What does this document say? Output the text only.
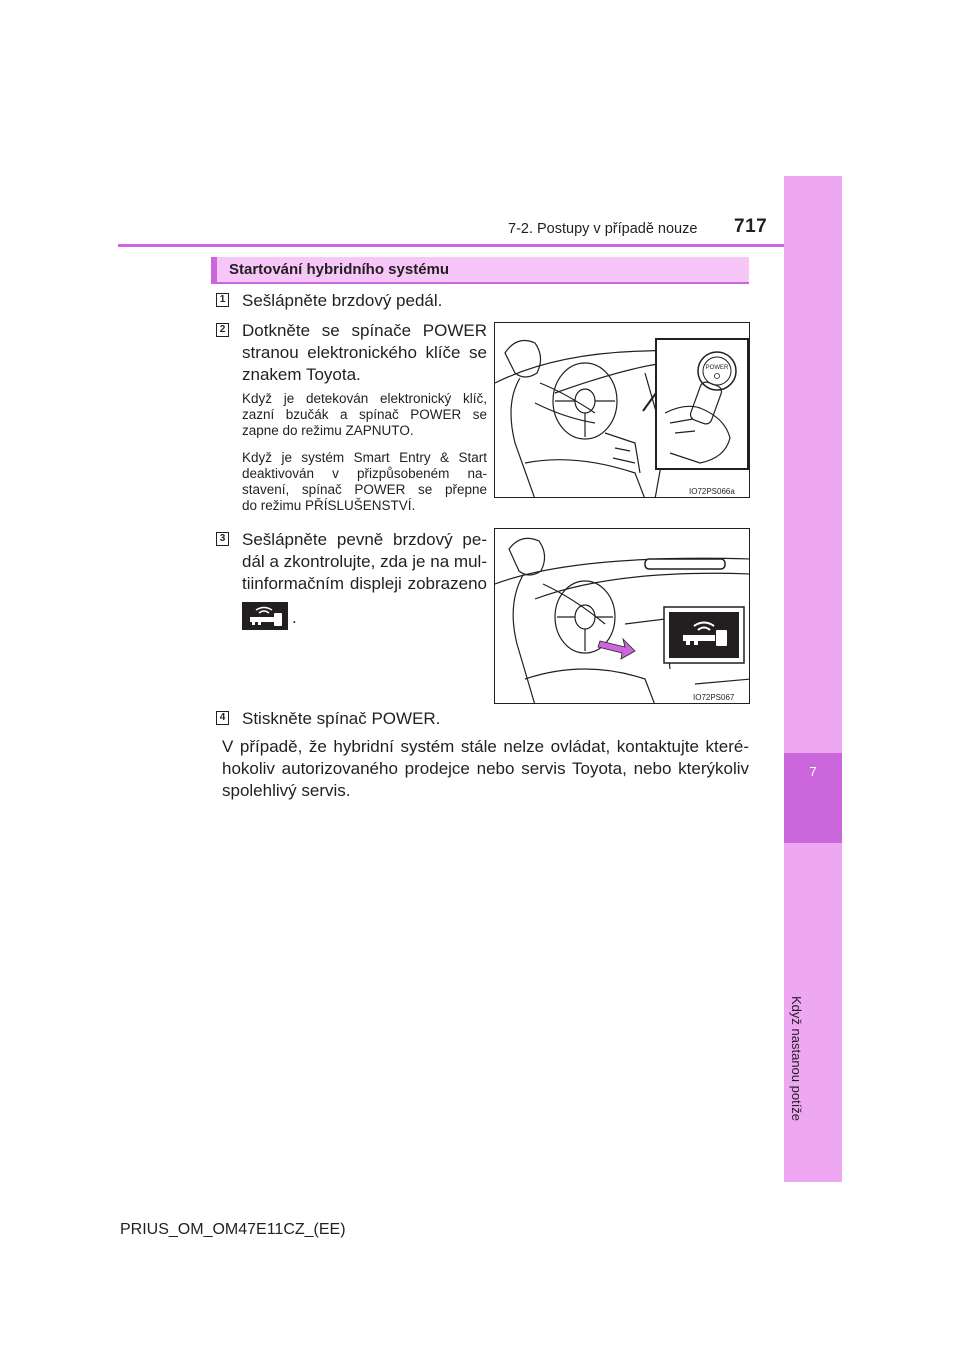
7
Když nastanou potíže
7-2. Postupy v případě nouze 717
Startování hybridního systému
1 Sešlápněte brzdový pedál.
2 Dotkněte se spínače POWER
stranou elektronického klíče se
znakem Toyota.
Když je detekován elektronický klíč,
zazní bzučák a spínač POWER se
zapne do režimu ZAPNUTO.
Když je systém Smart Entry & Start
deaktivován v přizpůsobeném na-
stavení, spínač POWER se přepne
do režimu PŘÍSLUŠENSTVÍ.
POWER
IO72PS066a
3 Sešlápněte pevně brzdový pe-
dál a zkontrolujte, zda je na mul-
tiinformačním displeji zobrazeno
.
IO72PS067
4 Stiskněte spínač POWER.
V případě, že hybridní systém stále nelze ovládat, kontaktujte které-
hokoliv autorizovaného prodejce nebo servis Toyota, nebo kterýkoliv
spolehlivý servis.
PRIUS_OM_OM47E11CZ_(EE)
